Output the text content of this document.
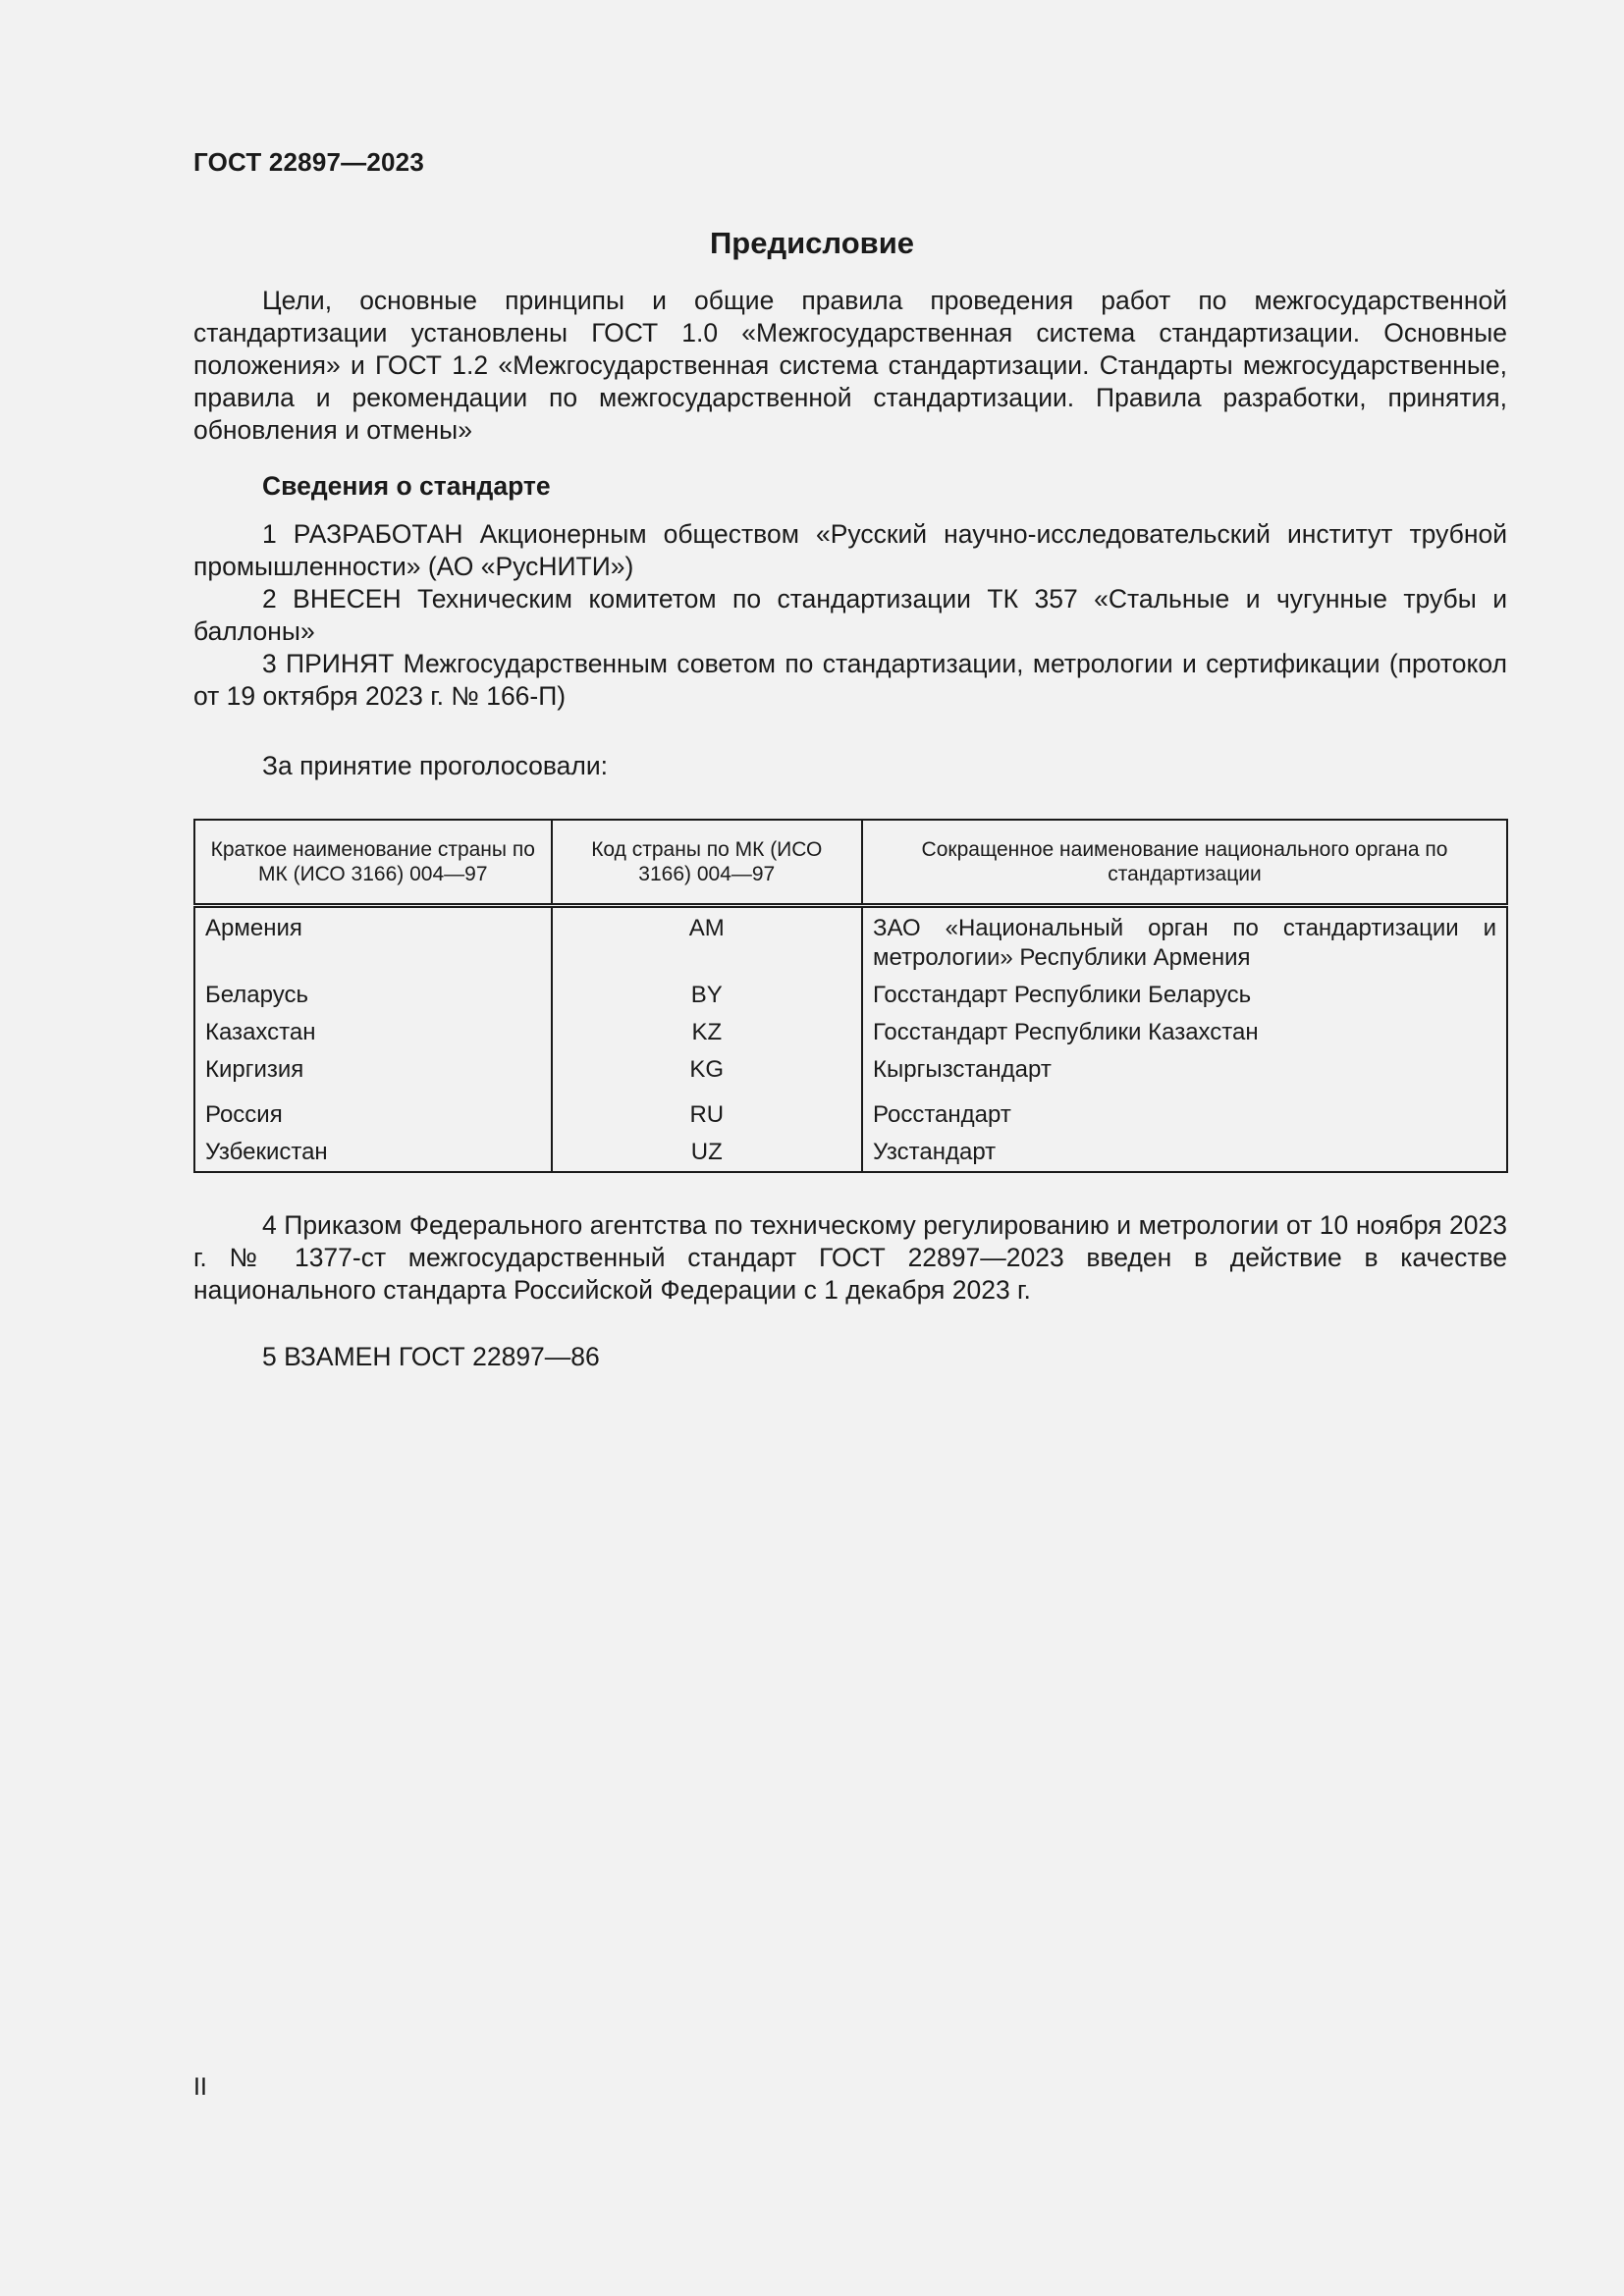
ГОСТ 22897—2023
Предисловие

Цели, основные принципы и общие правила проведения работ по межгосударственной стандартизации установлены ГОСТ 1.0 «Межгосударственная система стандартизации. Основные положения» и ГОСТ 1.2 «Межгосударственная система стандартизации. Стандарты межгосударственные, правила и рекомендации по межгосударственной стандартизации. Правила разработки, принятия, обновления и отмены»

Сведения о стандарте

1 РАЗРАБОТАН Акционерным обществом «Русский научно-исследовательский институт трубной промышленности» (АО «РусНИТИ»)

2 ВНЕСЕН Техническим комитетом по стандартизации ТК 357 «Стальные и чугунные трубы и баллоны»

3 ПРИНЯТ Межгосударственным советом по стандартизации, метрологии и сертификации (протокол от 19 октября 2023 г. № 166-П)

За принятие проголосовали:

Краткое наименование страны по МК (ИСО 3166) 004—97	Код страны по МК (ИСО 3166) 004—97	Сокращенное наименование национального органа по стандартизации
Армения	AM	ЗАО «Национальный орган по стандартизации и метрологии» Республики Армения
Беларусь	BY	Госстандарт Республики Беларусь
Казахстан	KZ	Госстандарт Республики Казахстан
Киргизия	KG	Кыргызстандарт
Россия	RU	Росстандарт
Узбекистан	UZ	Узстандарт

4 Приказом Федерального агентства по техническому регулированию и метрологии от 10 ноября 2023 г. № 1377-ст межгосударственный стандарт ГОСТ 22897—2023 введен в действие в качестве национального стандарта Российской Федерации с 1 декабря 2023 г.

5 ВЗАМЕН ГОСТ 22897—86

II
